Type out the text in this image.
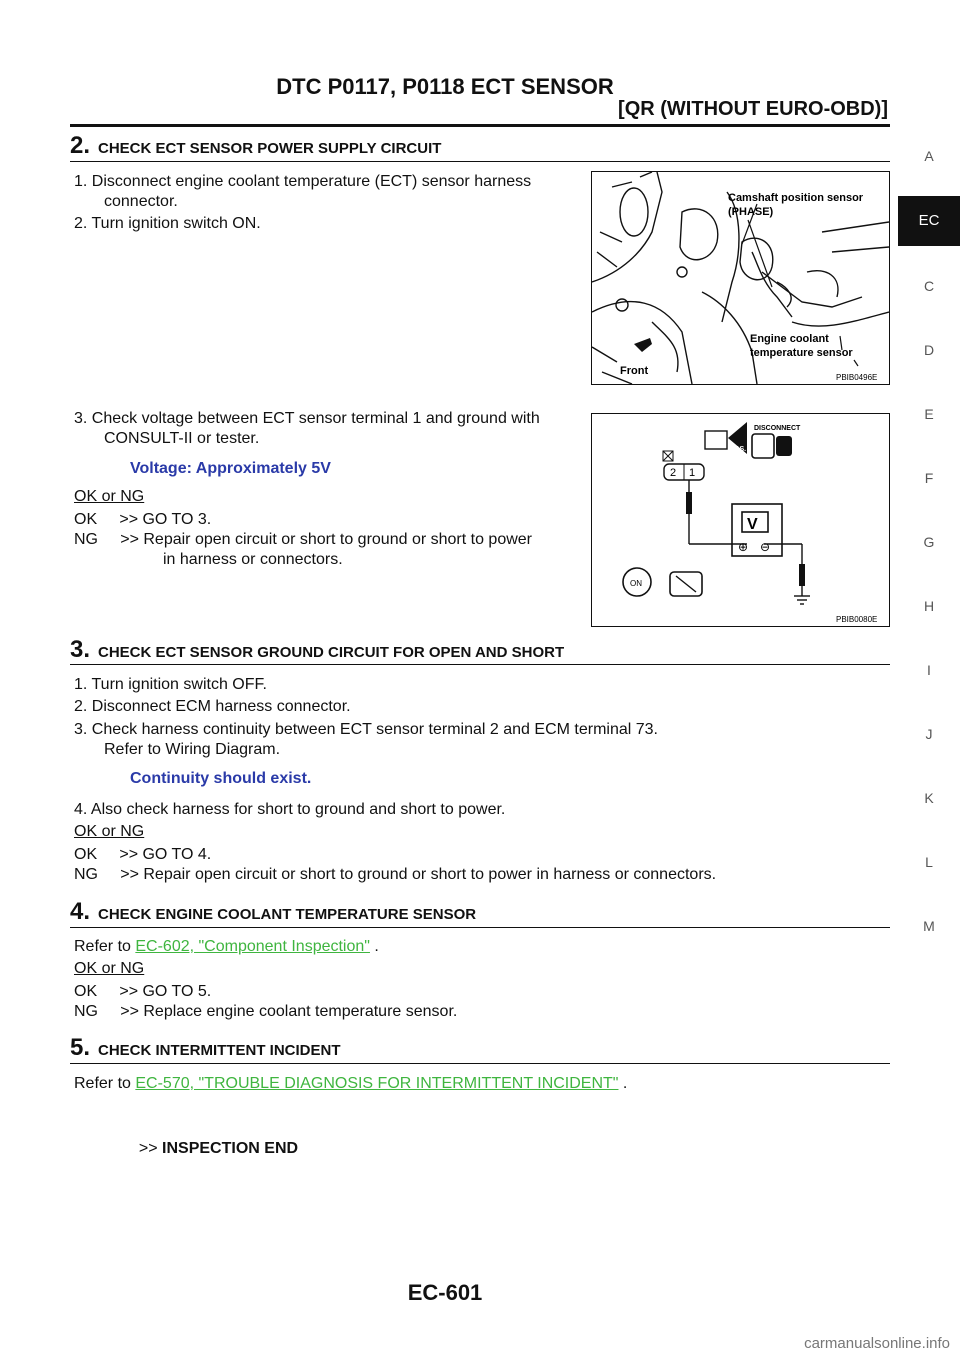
DTC P0117, P0118 ECT SENSOR
[QR (WITHOUT EURO-OBD)]
A
EC
C
D
E
F
G
H
I
J
K
L
M
2. CHECK ECT SENSOR POWER SUPPLY CIRCUIT
1. Disconnect engine coolant temperature (ECT) sensor harness
connector.
2. Turn ignition switch ON.
3. Check voltage between ECT sensor terminal 1 and ground with
CONSULT-II or tester.
Voltage: Approximately 5V
OK or NG
OK     >> GO TO 3.
NG     >> Repair open circuit or short to ground or short to power
in harness or connectors.
Camshaft position sensor
(PHASE)
Engine coolant
temperature sensor
Front
PBIB0496E
T.S.
DISCONNECT
2 1
V
⊕ ⊖
ON
PBIB0080E
3. CHECK ECT SENSOR GROUND CIRCUIT FOR OPEN AND SHORT
1. Turn ignition switch OFF.
2. Disconnect ECM harness connector.
3. Check harness continuity between ECT sensor terminal 2 and ECM terminal 73.
Refer to Wiring Diagram.
Continuity should exist.
4. Also check harness for short to ground and short to power.
OK or NG
OK     >> GO TO 4.
NG     >> Repair open circuit or short to ground or short to power in harness or connectors.
4. CHECK ENGINE COOLANT TEMPERATURE SENSOR
Refer to EC-602, "Component Inspection" .
OK or NG
OK     >> GO TO 5.
NG     >> Replace engine coolant temperature sensor.
5. CHECK INTERMITTENT INCIDENT
Refer to EC-570, "TROUBLE DIAGNOSIS FOR INTERMITTENT INCIDENT" .

>> INSPECTION END

EC-601
carmanualsonline.info
